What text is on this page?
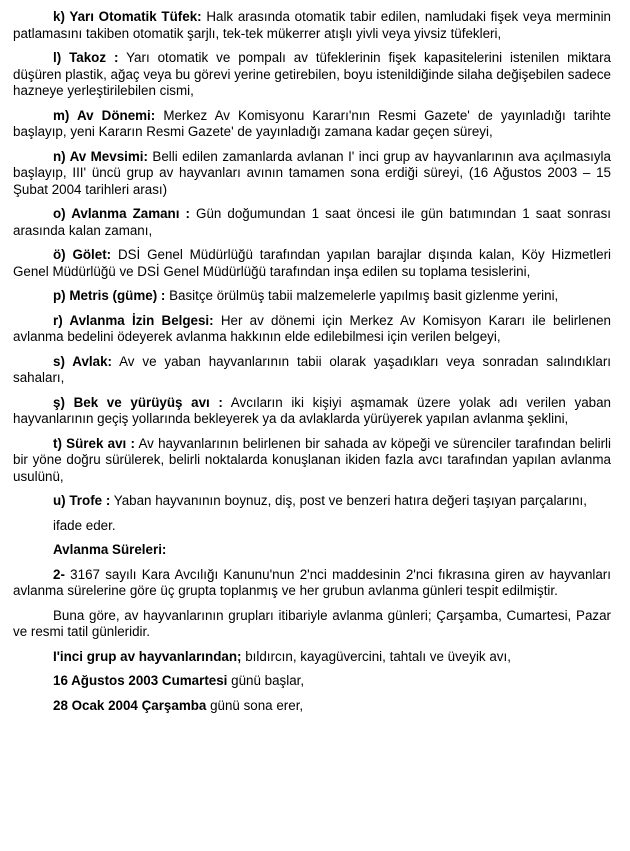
k) Yarı Otomatik Tüfek: Halk arasında otomatik tabir edilen, namludaki fişek veya merminin patlamasını takiben otomatik şarjlı, tek-tek mükerrer atışlı yivli veya yivsiz tüfekleri,

l) Takoz : Yarı otomatik ve pompalı av tüfeklerinin fişek kapasitelerini istenilen miktara düşüren plastik, ağaç veya bu görevi yerine getirebilen, boyu istenildiğinde silaha değişebilen sadece hazneye yerleştirilebilen cismi,

m) Av Dönemi: Merkez Av Komisyonu Kararı'nın Resmi Gazete' de yayınladığı tarihte başlayıp, yeni Kararın Resmi Gazete' de yayınladığı zamana kadar geçen süreyi,

n) Av Mevsimi: Belli edilen zamanlarda avlanan I' inci grup av hayvanlarının ava açılmasıyla başlayıp, III' üncü grup av hayvanları avının tamamen sona erdiği süreyi, (16 Ağustos 2003 – 15 Şubat 2004 tarihleri arası)

o) Avlanma Zamanı : Gün doğumundan 1 saat öncesi ile gün batımından 1 saat sonrası arasında kalan zamanı,

ö) Gölet: DSİ Genel Müdürlüğü tarafından yapılan barajlar dışında kalan, Köy Hizmetleri Genel Müdürlüğü ve DSİ Genel Müdürlüğü tarafından inşa edilen su toplama tesislerini,

p) Metris (güme) : Basitçe örülmüş tabii malzemelerle yapılmış basit gizlenme yerini,

r) Avlanma İzin Belgesi: Her av dönemi için Merkez Av Komisyon Kararı ile belirlenen avlanma bedelini ödeyerek avlanma hakkının elde edilebilmesi için verilen belgeyi,

s) Avlak: Av ve yaban hayvanlarının tabii olarak yaşadıkları veya sonradan salındıkları sahaları,

ş) Bek ve yürüyüş avı : Avcıların iki kişiyi aşmamak üzere yolak adı verilen yaban hayvanlarının geçiş yollarında bekleyerek ya da avlaklarda yürüyerek yapılan avlanma şeklini,

t) Sürek avı : Av hayvanlarının belirlenen bir sahada av köpeği ve sürenciler tarafından belirli bir yöne doğru sürülerek, belirli noktalarda konuşlanan ikiden fazla avcı tarafından yapılan avlanma usulünü,

u) Trofe : Yaban hayvanının boynuz, diş, post ve benzeri hatıra değeri taşıyan parçalarını,

ifade eder.

Avlanma Süreleri:

2- 3167 sayılı Kara Avcılığı Kanunu'nun 2'nci maddesinin 2'nci fıkrasına giren av hayvanları avlanma sürelerine göre üç grupta toplanmış ve her grubun avlanma günleri tespit edilmiştir.

Buna göre, av hayvanlarının grupları itibariyle avlanma günleri; Çarşamba, Cumartesi, Pazar ve resmi tatil günleridir.

I'inci grup av hayvanlarından; bıldırcın, kayagüvercini, tahtalı ve üveyik avı,

16 Ağustos 2003 Cumartesi günü başlar,

28 Ocak 2004 Çarşamba günü sona erer,
